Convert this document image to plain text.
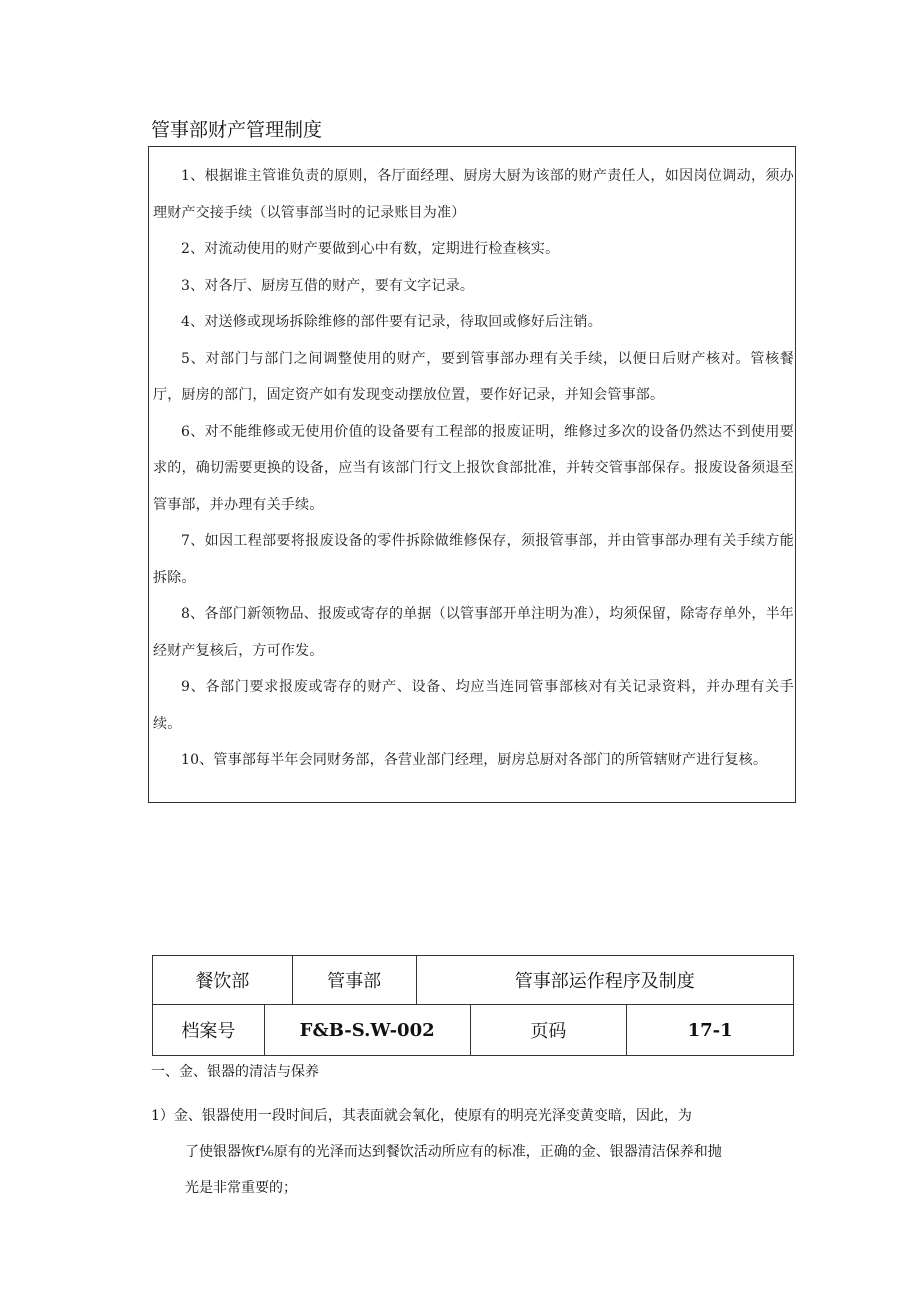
管事部财产管理制度

1、根据谁主管谁负责的原则，各厅面经理、厨房大厨为该部的财产责任人，如因岗位调动，须办理财产交接手续（以管事部当时的记录账目为准）

2、对流动使用的财产要做到心中有数，定期进行检查核实。

3、对各厅、厨房互借的财产，要有文字记录。

4、对送修或现场拆除维修的部件要有记录，待取回或修好后注销。

5、对部门与部门之间调整使用的财产，要到管事部办理有关手续，以便日后财产核对。管核餐厅，厨房的部门，固定资产如有发现变动摆放位置，要作好记录，并知会管事部。

6、对不能维修或无使用价值的设备要有工程部的报废证明，维修过多次的设备仍然达不到使用要求的，确切需要更换的设备，应当有该部门行文上报饮食部批准，并转交管事部保存。报废设备须退至管事部，并办理有关手续。

7、如因工程部要将报废设备的零件拆除做维修保存，须报管事部，并由管事部办理有关手续方能拆除。

8、各部门新领物品、报废或寄存的单据（以管事部开单注明为准），均须保留，除寄存单外，半年经财产复核后，方可作发。

9、各部门要求报废或寄存的财产、设备、均应当连同管事部核对有关记录资料，并办理有关手续。

10、管事部每半年会同财务部，各营业部门经理，厨房总厨对各部门的所管辖财产进行复核。

餐饮部		管事部	管事部运作程序及制度		
档案号	F&B-S.W-002			页码	17-1
一、金、银器的清洁与保养
1）金、银器使用一段时间后，其表面就会氧化，使原有的明亮光泽变黄变暗，因此，为
了使银器恢f⅙原有的光泽而达到餐饮活动所应有的标准，正确的金、银器清洁保养和抛
光是非常重要的；
